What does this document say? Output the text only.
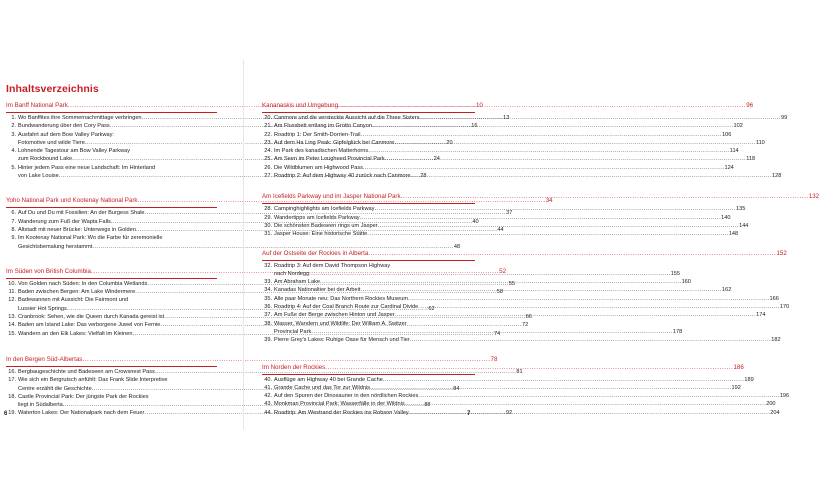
Inhaltsverzeichnis
Im Banff National Park .....	10
1. Wo Banffites ihre Sommernachmittage verbringen .....	13
2. Bundwanderung über den Cory Pass .....	16
3. Ausfahrt auf dem Bow Valley Parkway:
Fotomotive und wilde Tiere .....	20
4. Lohnende Tagestour am Bow Valley Parkway
zum Rockbound Lake .....	24
5. Hinter jedem Pass eine neue Landschaft: Im Hinterland
von Lake Louise .....	28
Yoho National Park und Kootenay National Park .....	34
6. Auf Du und Du mit Fossilien: An der Burgess Shale .....	37
7. Wanderung zum Fuß der Wapta Falls .....	40
8. Altstadt mit neuer Brücke: Unterwegs in Golden .....	44
9. Im Kootenay National Park: Wo die Farbe für zeremonielle
Gesichtsbemalung herstammt .....	48
Im Süden von British Columbia .....	52
10. Von Golden nach Süden: In den Columbia Wetlands .....	55
11. Baden zwischen Bergen: Am Lake Windermere .....	58
12. Badewannen mit Aussicht: Die Fairmont und
Lussier Hot Springs .....	62
13. Cranbrook: Sehen, wie die Queen durch Kanada gereist ist .....	66
14. Baden am Island Lake: Das verborgene Juwel von Fernie .....	72
15. Wandern an den Elk Lakes: Vielfalt im Kleinen .....	74
In den Bergen Süd-Albertas .....	78
16. Bergbaugeschichte und Badeseen am Crowsnest Pass .....	81
17. Wie sich ein Bergrutsch anfühlt: Das Frank Slide Interpretive
Centre erzählt die Geschichte .....	84
18. Castle Provincial Park: Der jüngste Park der Rockies
liegt in Südalberta .....	88
19. Waterton Lakes: Der Nationalpark nach dem Feuer .....	92
6
Kananaskis und Umgebung .....	96
20. Canmore und die versteckte Aussicht auf die Three Sisters .....	99
21. Am Flussbett entlang im Grotto Canyon .....	102
22. Roadtrip 1: Der Smith-Dorrien-Trail .....	106
23. Auf dem Ha Ling Peak: Gipfelglück bei Canmore .....	110
24. Im Park des kanadischen Matterhorns .....	114
25. Am Seen im Peter Lougheed Provincial Park .....	118
26. Die Wildblumen am Highwood Pass .....	124
27. Roadtrip 2: Auf dem Highway 40 zurück nach Canmore .....	128
Am Icefields Parkway und im Jasper National Park .....	132
28. Campinghighlights am Icefields Parkway .....	135
29. Wandertipps am Icefields Parkway .....	140
30. Die schönsten Badeseen rings um Jasper .....	144
31. Jasper House: Eine historische Stätte .....	148
Auf der Ostseite der Rockies in Alberta .....	152
32. Roadtrip 3: Auf dem David Thompson Highway
nach Nordegg .....	155
33. Am Abraham Lake .....	160
34. Kanadas Nationaltier bei der Arbeit .....	162
35. Alle paar Monate neu: Das Northern Rockies Museum .....	166
36. Roadtrip 4: Auf der Coal Branch Route zur Cardinal Divide .....	170
37. Am Fuße der Berge zwischen Hinton und Jasper .....	174
38. Wasser, Wandern und Wildlife: Der William A. Switzer
Provincial Park .....	178
39. Pierre Grey's Lakes: Ruhige Oase für Mensch und Tier .....	182
Im Norden der Rockies .....	186
40. Ausflüge am Highway 40 bei Grande Cache .....	189
41. Grande Cache und das Tor zur Wildnis .....	192
42. Auf den Spuren der Dinosaurier in den nördlichen Rockies .....	196
43. Monkman Provincial Park: Wasserfälle in der Wildnis .....	200
44. Roadtrip: Am Westrand der Rockies ins Robson Valley .....	204
7
